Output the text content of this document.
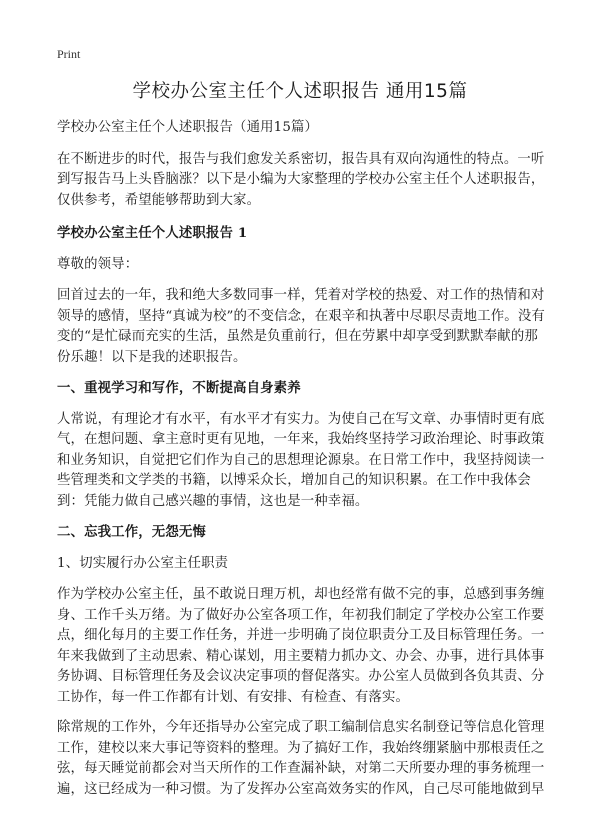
Print
学校办公室主任个人述职报告 通用15篇

学校办公室主任个人述职报告（通用15篇）

在不断进步的时代，报告与我们愈发关系密切，报告具有双向沟通性的特点。一听到写报告马上头昏脑涨？以下是小编为大家整理的学校办公室主任个人述职报告，仅供参考，希望能够帮助到大家。

学校办公室主任个人述职报告 1

尊敬的领导：

回首过去的一年，我和绝大多数同事一样，凭着对学校的热爱、对工作的热情和对领导的感情，坚持“真诚为校”的不变信念，在艰辛和执著中尽职尽责地工作。没有变的“是忙碌而充实的生活，虽然是负重前行，但在劳累中却享受到默默奉献的那份乐趣！以下是我的述职报告。

一、重视学习和写作，不断提高自身素养

人常说，有理论才有水平，有水平才有实力。为使自己在写文章、办事情时更有底气，在想问题、拿主意时更有见地，一年来，我始终坚持学习政治理论、时事政策和业务知识，自觉把它们作为自己的思想理论源泉。在日常工作中，我坚持阅读一些管理类和文学类的书籍，以博采众长，增加自己的知识积累。在工作中我体会到：凭能力做自己感兴趣的事情，这也是一种幸福。

二、忘我工作，无怨无悔

1、切实履行办公室主任职责

作为学校办公室主任，虽不敢说日理万机，却也经常有做不完的事，总感到事务缠身、工作千头万绪。为了做好办公室各项工作，年初我们制定了学校办公室工作要点，细化每月的主要工作任务，并进一步明确了岗位职责分工及目标管理任务。一年来我做到了主动思索、精心谋划，用主要精力抓办文、办会、办事，进行具体事务协调、目标管理任务及会议决定事项的督促落实。办公室人员做到各负其责、分工协作，每一件工作都有计划、有安排、有检查、有落实。

除常规的工作外，今年还指导办公室完成了职工编制信息实名制登记等信息化管理工作，建校以来大事记等资料的整理。为了搞好工作，我始终绷紧脑中那根责任之弦，每天睡觉前都会对当天所作的工作查漏补缺，对第二天所要办理的事务梳理一遍，这已经成为一种习惯。为了发挥办公室高效务实的作风，自己尽可能地做到早
